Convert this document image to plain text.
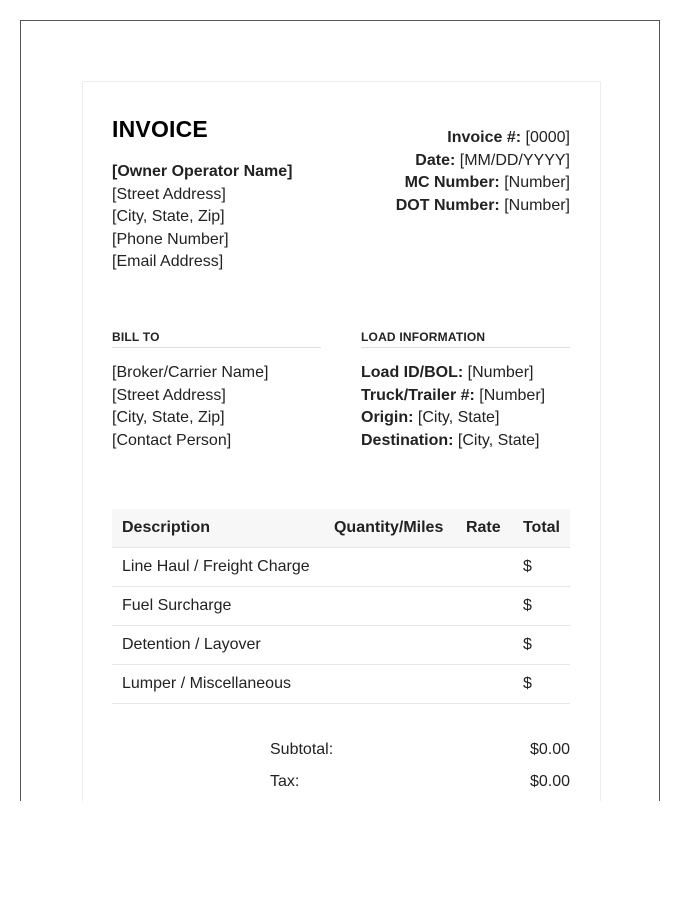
INVOICE
[Owner Operator Name]
[Street Address]
[City, State, Zip]
[Phone Number]
[Email Address]
Invoice #: [0000]
Date: [MM/DD/YYYY]
MC Number: [Number]
DOT Number: [Number]
BILL TO	LOAD INFORMATION
[Broker/Carrier Name]
[Street Address]
[City, State, Zip]
[Contact Person]
Load ID/BOL: [Number]
Truck/Trailer #: [Number]
Origin: [City, State]
Destination: [City, State]
Description	Quantity/Miles	Rate	Total
Line Haul / Freight Charge			$
Fuel Surcharge			$
Detention / Layover			$
Lumper / Miscellaneous			$
Subtotal:	$0.00
Tax:	$0.00
